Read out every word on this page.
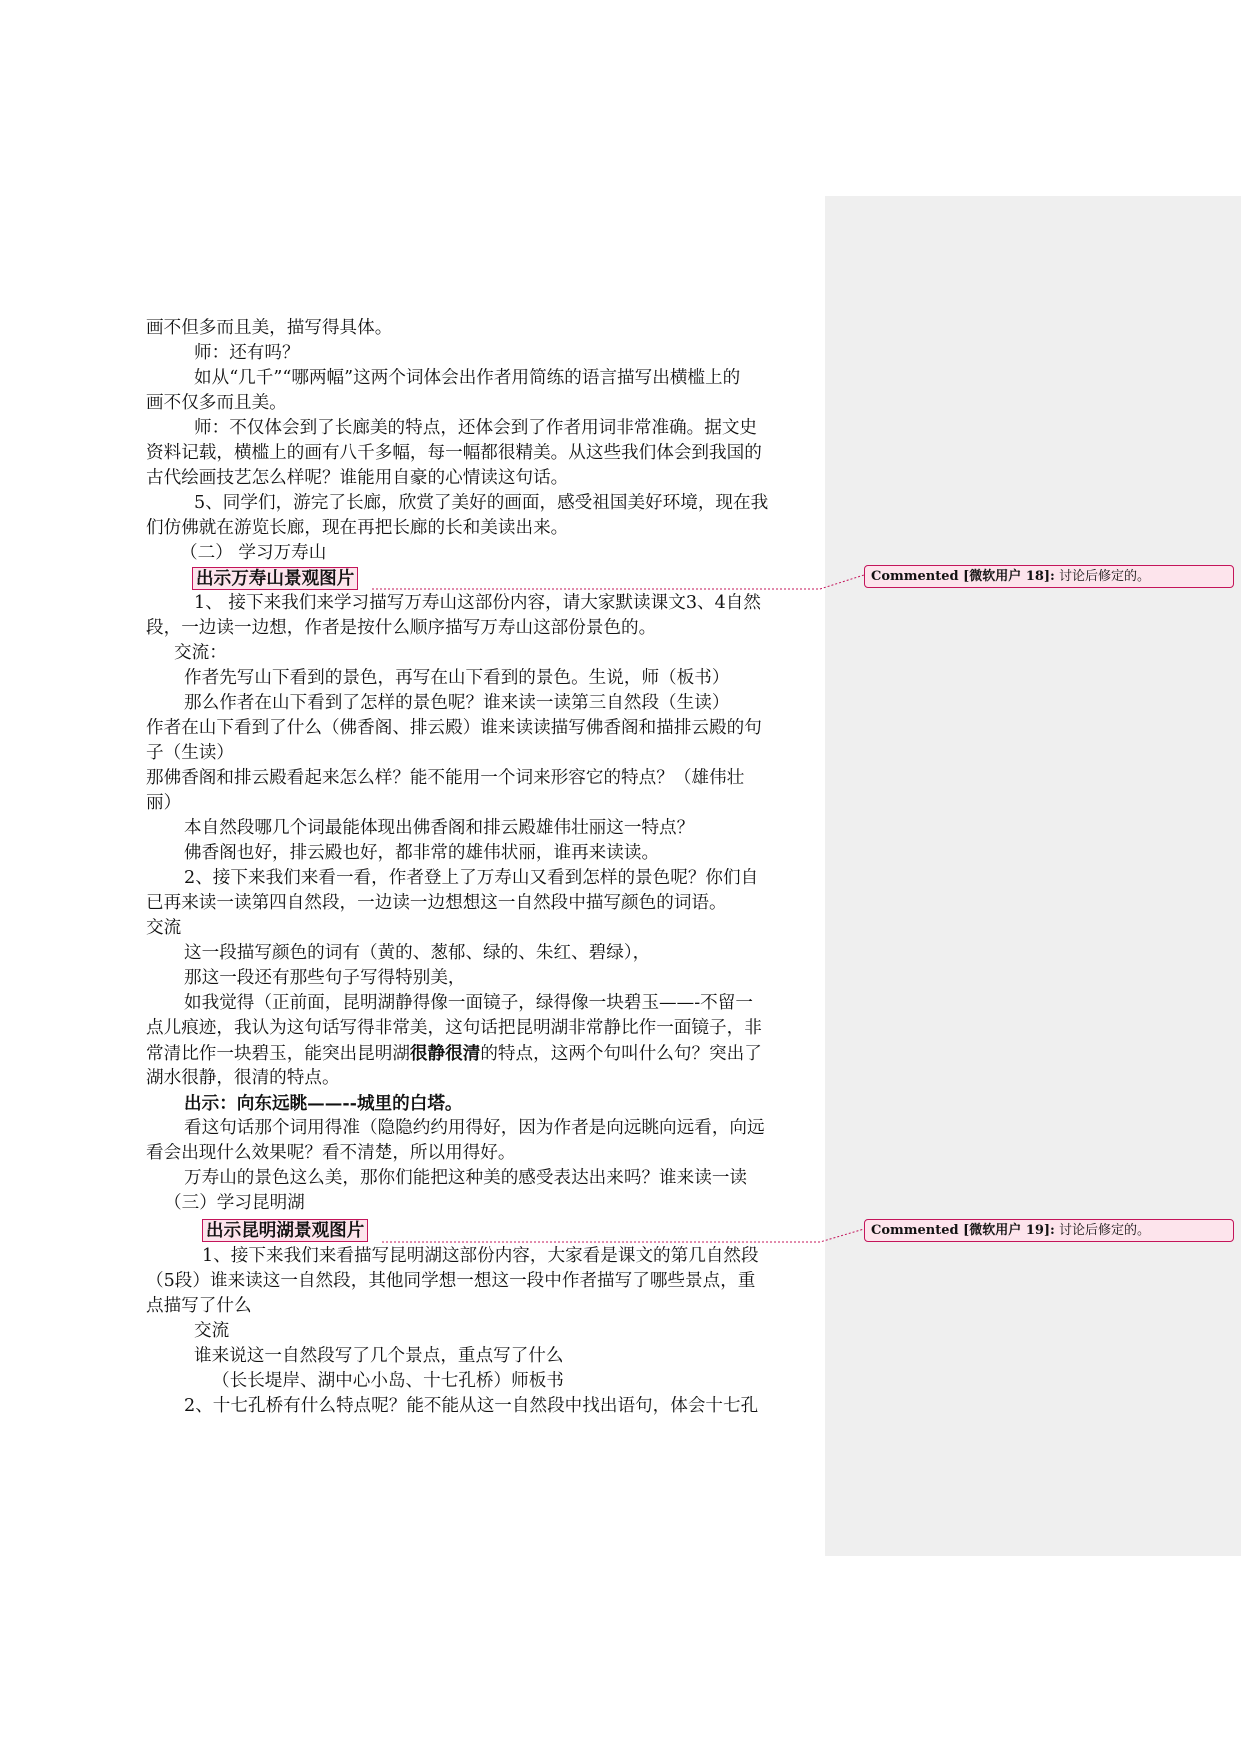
画不但多而且美，描写得具体。
师：还有吗？
如从“几千”“哪两幅”这两个词体会出作者用简练的语言描写出横槛上的
画不仅多而且美。
师：不仅体会到了长廊美的特点，还体会到了作者用词非常准确。据文史
资料记载，横槛上的画有八千多幅，每一幅都很精美。从这些我们体会到我国的
古代绘画技艺怎么样呢？谁能用自豪的心情读这句话。
5、同学们，游完了长廊，欣赏了美好的画面，感受祖国美好环境，现在我
们仿佛就在游览长廊，现在再把长廊的长和美读出来。
（二） 学习万寿山
出示万寿山景观图片
1、 接下来我们来学习描写万寿山这部份内容，请大家默读课文3、4自然
段，一边读一边想，作者是按什么顺序描写万寿山这部份景色的。
交流：
作者先写山下看到的景色，再写在山下看到的景色。生说，师（板书）
那么作者在山下看到了怎样的景色呢？谁来读一读第三自然段（生读）
作者在山下看到了什么（佛香阁、排云殿）谁来读读描写佛香阁和描排云殿的句
子（生读）
那佛香阁和排云殿看起来怎么样？能不能用一个词来形容它的特点？（雄伟壮
丽）
本自然段哪几个词最能体现出佛香阁和排云殿雄伟壮丽这一特点？
佛香阁也好，排云殿也好，都非常的雄伟状丽，谁再来读读。
2、接下来我们来看一看，作者登上了万寿山又看到怎样的景色呢？你们自
已再来读一读第四自然段，一边读一边想想这一自然段中描写颜色的词语。
交流
这一段描写颜色的词有（黄的、葱郁、绿的、朱红、碧绿），
那这一段还有那些句子写得特别美，
如我觉得（正前面，昆明湖静得像一面镜子，绿得像一块碧玉——-不留一
点儿痕迹，我认为这句话写得非常美，这句话把昆明湖非常静比作一面镜子，非
常清比作一块碧玉，能突出昆明湖很静很清的特点，这两个句叫什么句？突出了
湖水很静，很清的特点。
出示：向东远眺——--城里的白塔。
看这句话那个词用得准（隐隐约约用得好，因为作者是向远眺向远看，向远
看会出现什么效果呢？看不清楚，所以用得好。
万寿山的景色这么美，那你们能把这种美的感受表达出来吗？谁来读一读
（三）学习昆明湖
出示昆明湖景观图片
1、接下来我们来看描写昆明湖这部份内容，大家看是课文的第几自然段
（5段）谁来读这一自然段，其他同学想一想这一段中作者描写了哪些景点，重
点描写了什么
交流
谁来说这一自然段写了几个景点，重点写了什么
（长长堤岸、湖中心小岛、十七孔桥）师板书
2、十七孔桥有什么特点呢？能不能从这一自然段中找出语句，体会十七孔
Commented [微软用户 18]: 讨论后修定的。
Commented [微软用户 19]: 讨论后修定的。
